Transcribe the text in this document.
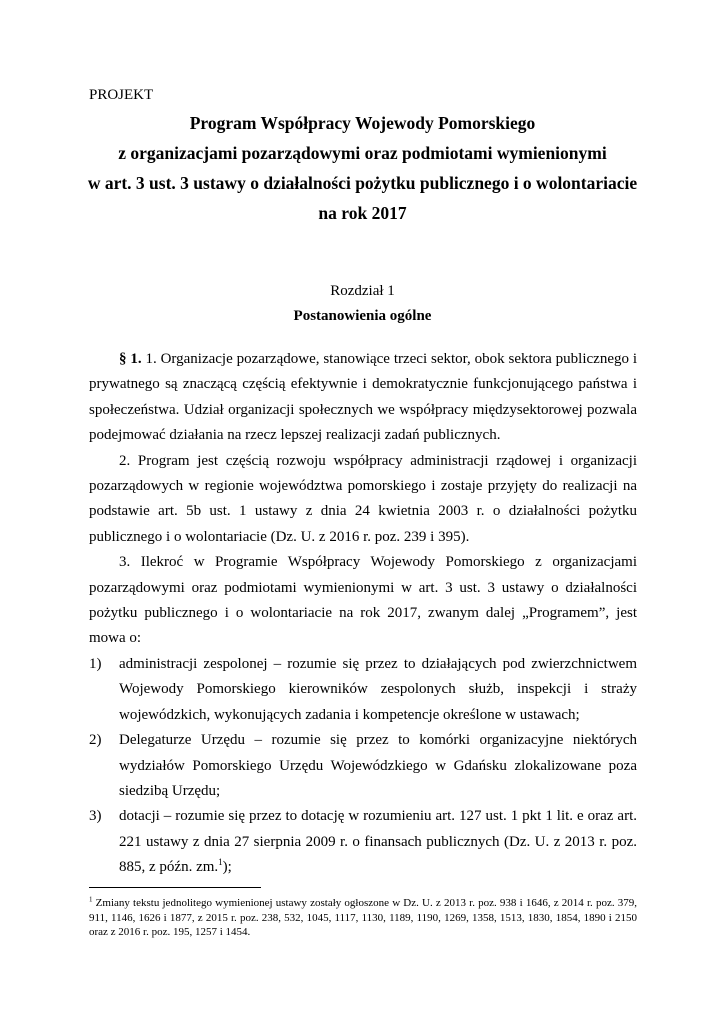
PROJEKT
Program Współpracy Wojewody Pomorskiego
z organizacjami pozarządowymi oraz podmiotami wymienionymi
w art. 3 ust. 3 ustawy o działalności pożytku publicznego i o wolontariacie
na rok 2017
Rozdział 1
Postanowienia ogólne

§ 1. 1. Organizacje pozarządowe, stanowiące trzeci sektor, obok sektora publicznego i prywatnego są znaczącą częścią efektywnie i demokratycznie funkcjonującego państwa i społeczeństwa. Udział organizacji społecznych we współpracy międzysektorowej pozwala podejmować działania na rzecz lepszej realizacji zadań publicznych.

2. Program jest częścią rozwoju współpracy administracji rządowej i organizacji pozarządowych w regionie województwa pomorskiego i zostaje przyjęty do realizacji na podstawie art. 5b ust. 1 ustawy z dnia 24 kwietnia 2003 r. o działalności pożytku publicznego i o wolontariacie (Dz. U. z 2016 r. poz. 239 i 395).

3. Ilekroć w Programie Współpracy Wojewody Pomorskiego z organizacjami pozarządowymi oraz podmiotami wymienionymi w art. 3 ust. 3 ustawy o działalności pożytku publicznego i o wolontariacie na rok 2017, zwanym dalej „Programem”, jest mowa o:

1) administracji zespolonej – rozumie się przez to działających pod zwierzchnictwem Wojewody Pomorskiego kierowników zespolonych służb, inspekcji i straży wojewódzkich, wykonujących zadania i kompetencje określone w ustawach;
2) Delegaturze Urzędu – rozumie się przez to komórki organizacyjne niektórych wydziałów Pomorskiego Urzędu Wojewódzkiego w Gdańsku zlokalizowane poza siedzibą Urzędu;
3) dotacji – rozumie się przez to dotację w rozumieniu art. 127 ust. 1 pkt 1 lit. e oraz art. 221 ustawy z dnia 27 sierpnia 2009 r. o finansach publicznych (Dz. U. z 2013 r. poz. 885, z późn. zm.$^1$);
$^1$ Zmiany tekstu jednolitego wymienionej ustawy zostały ogłoszone w Dz. U. z 2013 r. poz. 938 i 1646, z 2014 r. poz. 379, 911, 1146, 1626 i 1877, z 2015 r. poz. 238, 532, 1045, 1117, 1130, 1189, 1190, 1269, 1358, 1513, 1830, 1854, 1890 i 2150 oraz z 2016 r. poz. 195, 1257 i 1454.
